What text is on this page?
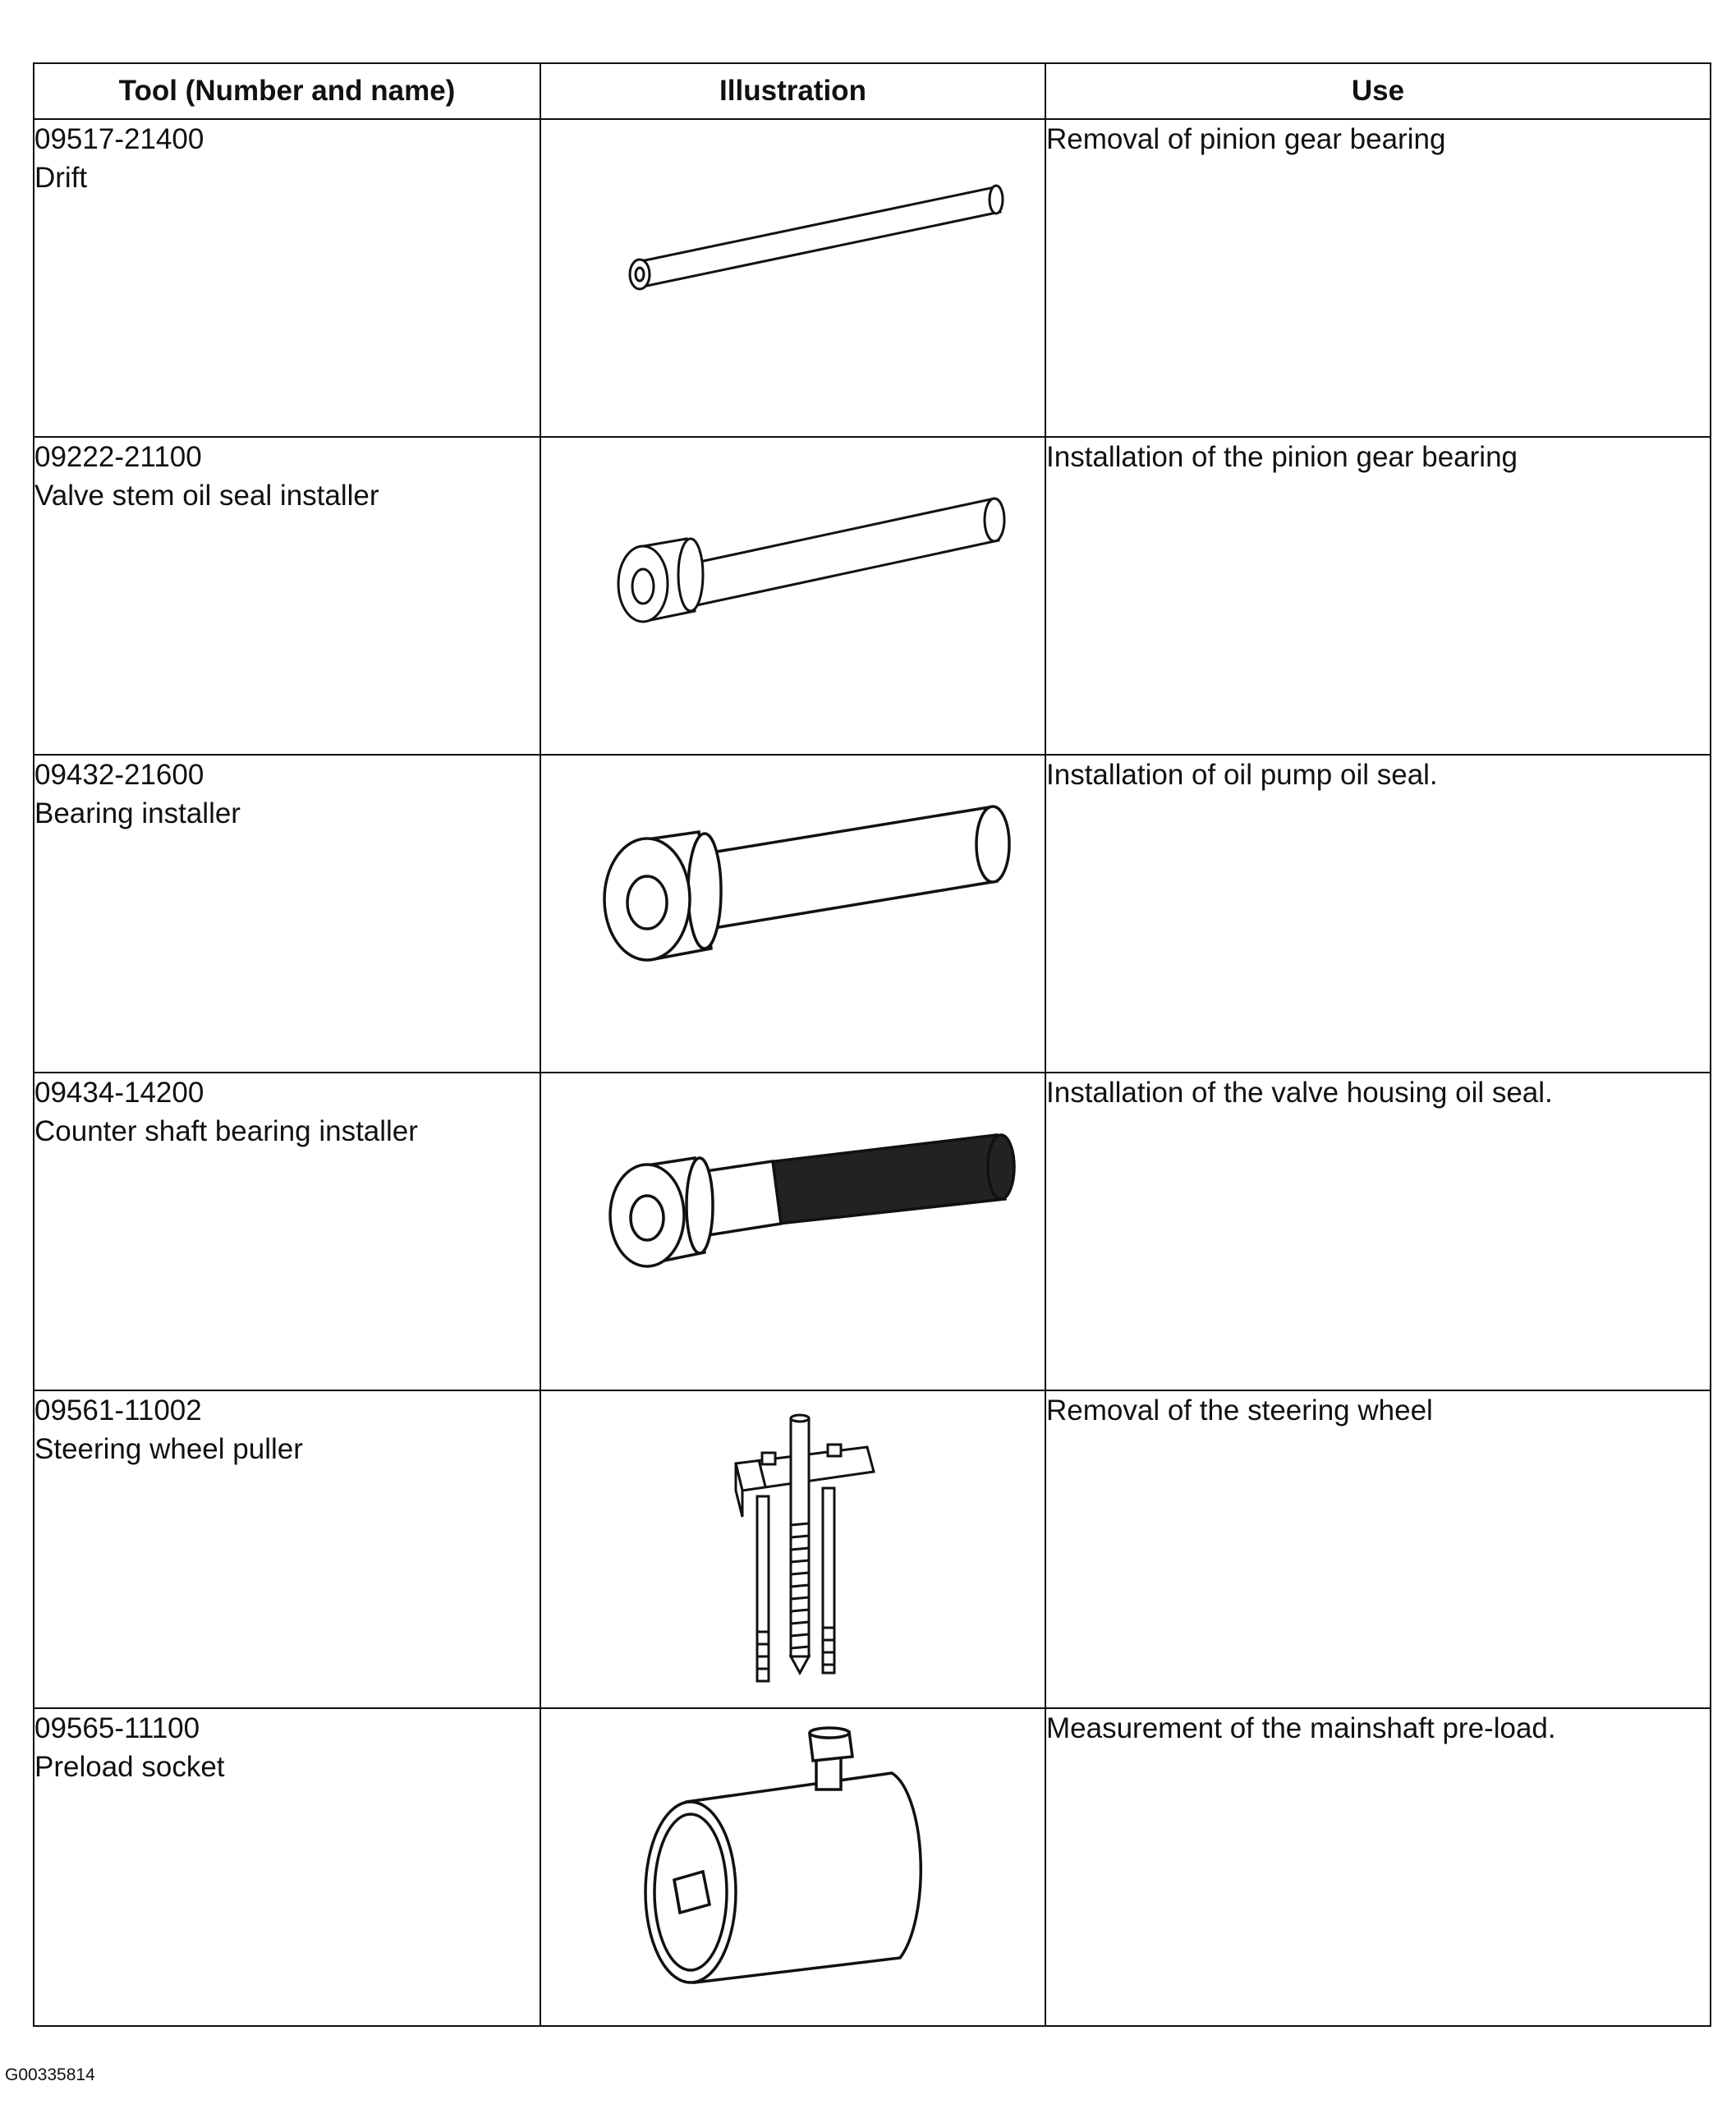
Tool (Number and name)	Illustration	Use

09517-21400
Drift		Removal of pinion gear bearing

09222-21100
Valve stem oil seal installer		Installation of the pinion gear bearing

09432-21600
Bearing installer		Installation of oil pump oil seal.

09434-14200
Counter shaft bearing installer		Installation of the valve housing oil seal.

09561-11002
Steering wheel puller		Removal of the steering wheel

09565-11100
Preload socket		Measurement of the mainshaft pre-load.
G00335814
